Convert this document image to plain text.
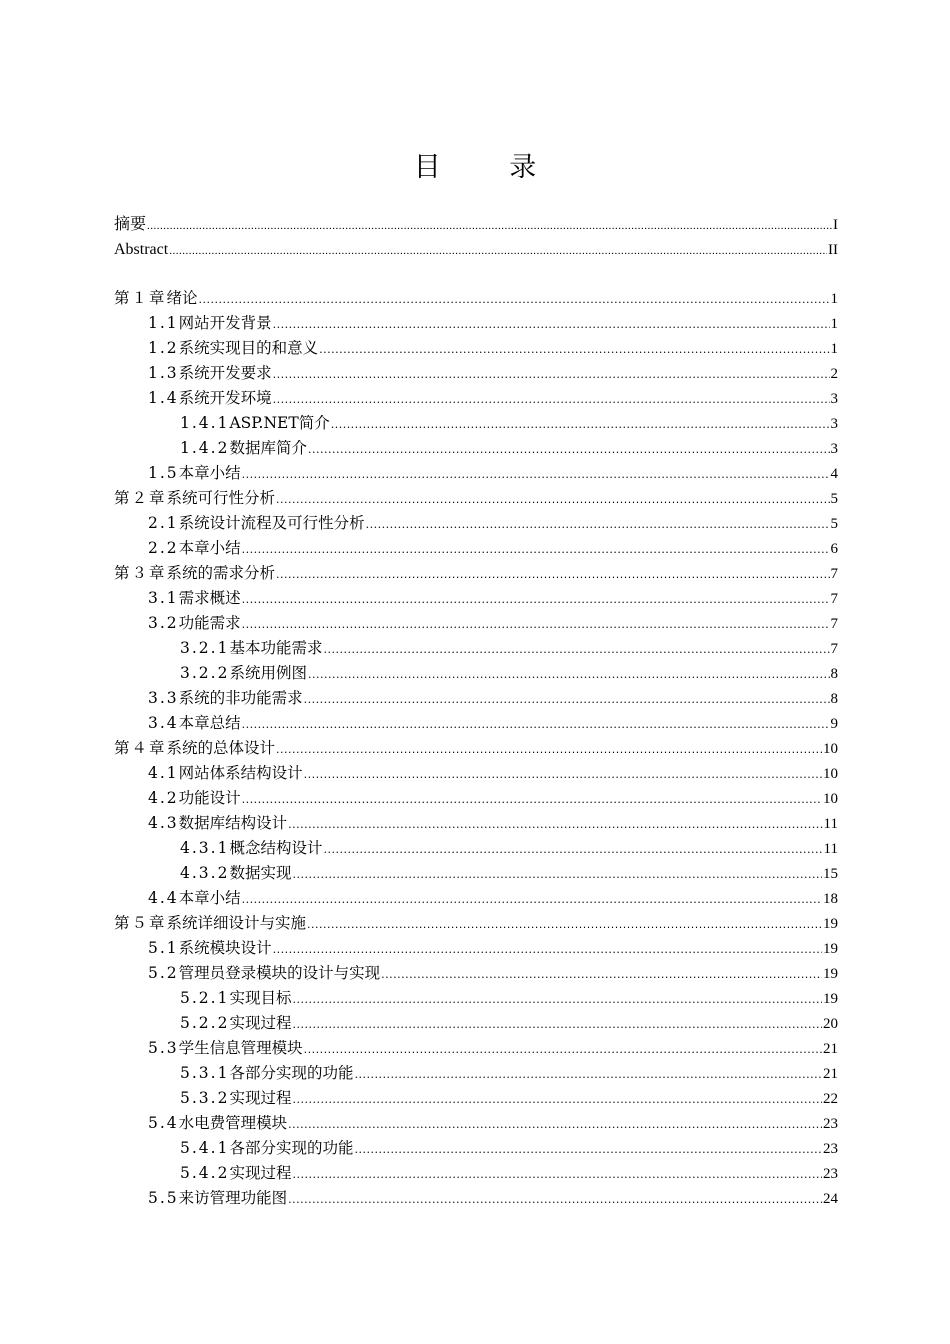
目 录
摘要 .....	I
Abstract .....	II
第１章 绪论 .....	1
1.1 网站开发背景 .....	1
1.2 系统实现目的和意义 .....	1
1.3 系统开发要求 .....	2
1.4 系统开发环境 .....	3
1.4.1 ASP.NET简介 .....	3
1.4.2 数据库简介 .....	3
1.5 本章小结 .....	4
第２章 系统可行性分析 .....	5
2.1 系统设计流程及可行性分析 .....	5
2.2 本章小结 .....	6
第３章 系统的需求分析 .....	7
3.1 需求概述 .....	7
3.2 功能需求 .....	7
3.2.1 基本功能需求 .....	7
3.2.2 系统用例图 .....	8
3.3 系统的非功能需求 .....	8
3.4 本章总结 .....	9
第４章 系统的总体设计 .....	10
4.1 网站体系结构设计 .....	10
4.2 功能设计 .....	10
4.3 数据库结构设计 .....	11
4.3.1 概念结构设计 .....	11
4.3.2 数据实现 .....	15
4.4 本章小结 .....	18
第５章 系统详细设计与实施 .....	19
5.1 系统模块设计 .....	19
5.2 管理员登录模块的设计与实现 .....	19
5.2.1 实现目标 .....	19
5.2.2 实现过程 .....	20
5.3 学生信息管理模块 .....	21
5.3.1 各部分实现的功能 .....	21
5.3.2 实现过程 .....	22
5.4 水电费管理模块 .....	23
5.4.1 各部分实现的功能 .....	23
5.4.2 实现过程 .....	23
5.5 来访管理功能图 .....	24
